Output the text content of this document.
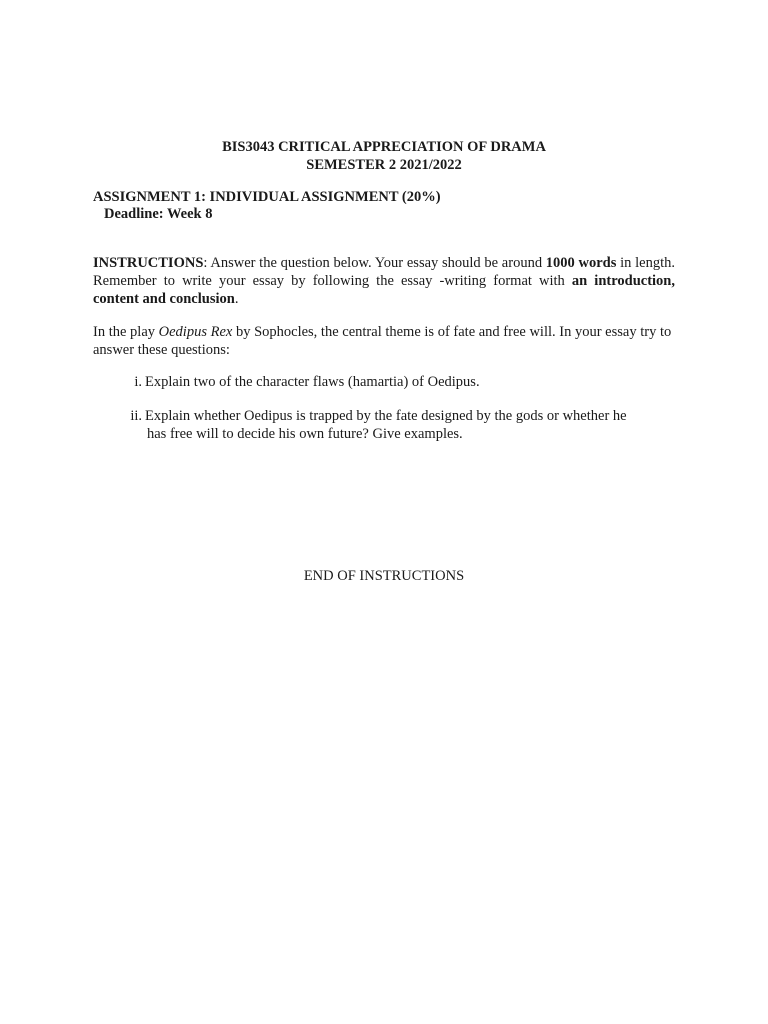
BIS3043 CRITICAL APPRECIATION OF DRAMA
SEMESTER 2 2021/2022
ASSIGNMENT 1: INDIVIDUAL ASSIGNMENT (20%)
Deadline: Week 8

INSTRUCTIONS: Answer the question below. Your essay should be around 1000 words in length. Remember to write your essay by following the essay -writing format with an introduction, content and conclusion.

In the play Oedipus Rex by Sophocles, the central theme is of fate and free will. In your essay try to answer these questions:

i. Explain two of the character flaws (hamartia) of Oedipus.
ii. Explain whether Oedipus is trapped by the fate designed by the gods or whether he
has free will to decide his own future? Give examples.
END OF INSTRUCTIONS
